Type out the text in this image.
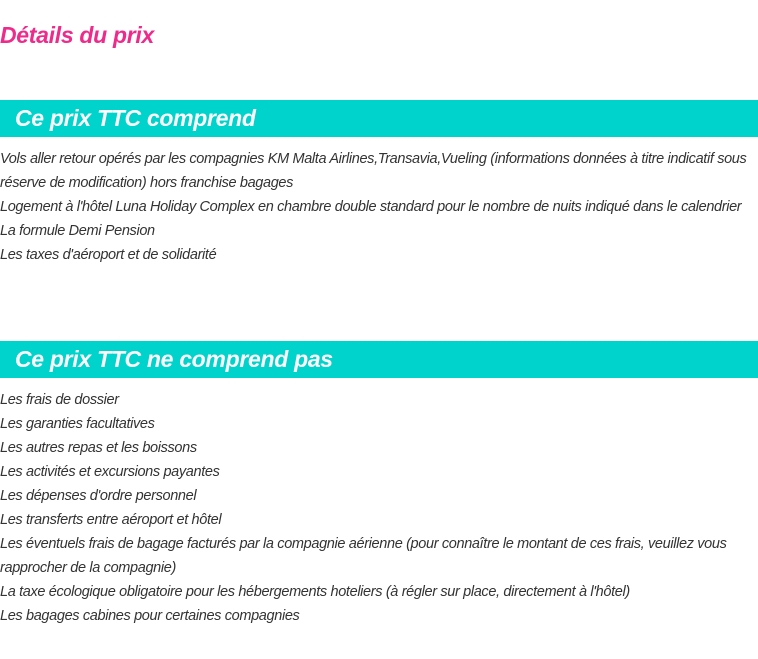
Détails du prix
Ce prix TTC comprend
Vols aller retour opérés par les compagnies KM Malta Airlines,Transavia,Vueling (informations données à titre indicatif sous réserve de modification) hors franchise bagages
Logement à l'hôtel Luna Holiday Complex en chambre double standard pour le nombre de nuits indiqué dans le calendrier
La formule Demi Pension
Les taxes d'aéroport et de solidarité
Ce prix TTC ne comprend pas
Les frais de dossier
Les garanties facultatives
Les autres repas et les boissons
Les activités et excursions payantes
Les dépenses d'ordre personnel
Les transferts entre aéroport et hôtel
Les éventuels frais de bagage facturés par la compagnie aérienne (pour connaître le montant de ces frais, veuillez vous rapprocher de la compagnie)
La taxe écologique obligatoire pour les hébergements hoteliers (à régler sur place, directement à l'hôtel)
Les bagages cabines pour certaines compagnies
